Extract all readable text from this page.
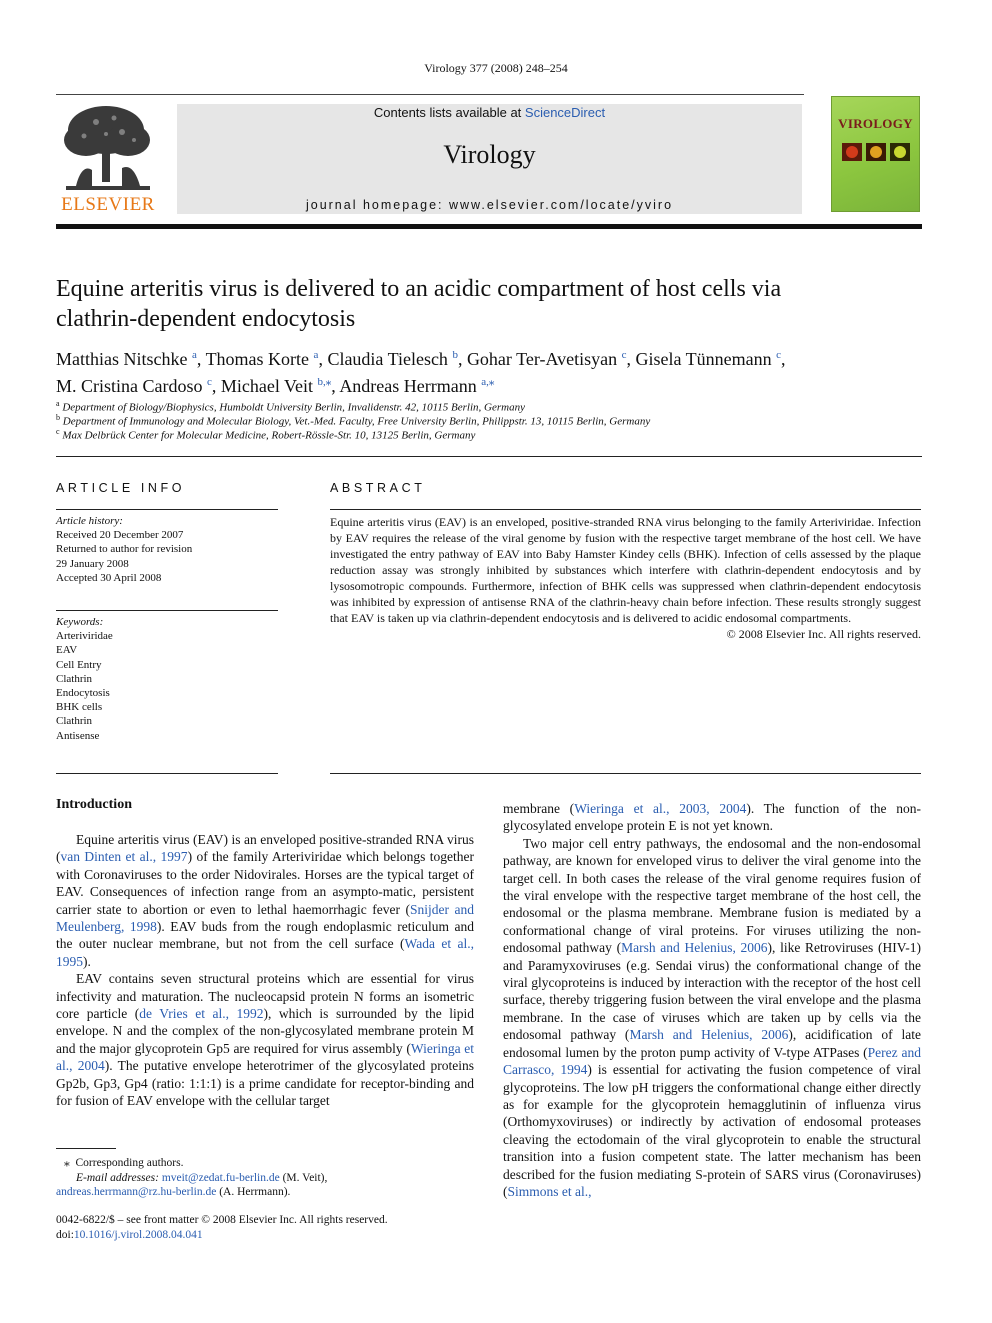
Virology 377 (2008) 248–254
ELSEVIER
Contents lists available at ScienceDirect
Virology
journal homepage: www.elsevier.com/locate/yviro
VIROLOGY
Equine arteritis virus is delivered to an acidic compartment of host cells via
clathrin-dependent endocytosis
Matthias Nitschke $^a$, Thomas Korte $^a$, Claudia Tielesch $^b$, Gohar Ter-Avetisyan $^c$, Gisela Tünnemann $^c$,
M. Cristina Cardoso $^c$, Michael Veit $^{b,⁎}$, Andreas Herrmann $^{a,⁎}$
$^a$ Department of Biology/Biophysics, Humboldt University Berlin, Invalidenstr. 42, 10115 Berlin, Germany
$^b$ Department of Immunology and Molecular Biology, Vet.-Med. Faculty, Free University Berlin, Philippstr. 13, 10115 Berlin, Germany
$^c$ Max Delbrück Center for Molecular Medicine, Robert-Rössle-Str. 10, 13125 Berlin, Germany
ARTICLE INFO
Article history:
Received 20 December 2007
Returned to author for revision
29 January 2008
Accepted 30 April 2008
Keywords:
Arteriviridae
EAV
Cell Entry
Clathrin
Endocytosis
BHK cells
Clathrin
Antisense
ABSTRACT
Equine arteritis virus (EAV) is an enveloped, positive-stranded RNA virus belonging to the family Arteriviridae. Infection by EAV requires the release of the viral genome by fusion with the respective target membrane of the host cell. We have investigated the entry pathway of EAV into Baby Hamster Kindey cells (BHK). Infection of cells assessed by the plaque reduction assay was strongly inhibited by substances which interfere with clathrin-dependent endocytosis and by lysosomotropic compounds. Furthermore, infection of BHK cells was suppressed when clathrin-dependent endocytosis was inhibited by expression of antisense RNA of the clathrin-heavy chain before infection. These results strongly suggest that EAV is taken up via clathrin-dependent endocytosis and is delivered to acidic endosomal compartments.
© 2008 Elsevier Inc. All rights reserved.
Introduction

Equine arteritis virus (EAV) is an enveloped positive-stranded RNA virus (van Dinten et al., 1997) of the family Arteriviridae which belongs together with Coronaviruses to the order Nidovirales. Horses are the typical target of EAV. Consequences of infection range from an asympto-matic, persistent carrier state to abortion or even to lethal haemorrhagic fever (Snijder and Meulenberg, 1998). EAV buds from the rough endoplasmic reticulum and the outer nuclear membrane, but not from the cell surface (Wada et al., 1995).

EAV contains seven structural proteins which are essential for virus infectivity and maturation. The nucleocapsid protein N forms an isometric core particle (de Vries et al., 1992), which is surrounded by the lipid envelope. N and the complex of the non-glycosylated membrane protein M and the major glycoprotein Gp5 are required for virus assembly (Wieringa et al., 2004). The putative envelope heterotrimer of the glycosylated proteins Gp2b, Gp3, Gp4 (ratio: 1:1:1) is a prime candidate for receptor-binding and for fusion of EAV envelope with the cellular target

membrane (Wieringa et al., 2003, 2004). The function of the non-glycosylated envelope protein E is not yet known.

Two major cell entry pathways, the endosomal and the non-endosomal pathway, are known for enveloped virus to deliver the viral genome into the target cell. In both cases the release of the viral genome requires fusion of the viral envelope with the respective target membrane of the host cell, the endosomal or the plasma membrane. Membrane fusion is mediated by a conformational change of viral proteins. For viruses utilizing the non-endosomal pathway (Marsh and Helenius, 2006), like Retroviruses (HIV-1) and Paramyxoviruses (e.g. Sendai virus) the conformational change of the viral glycoproteins is induced by interaction with the receptor of the host cell surface, thereby triggering fusion between the viral envelope and the plasma membrane. In the case of viruses which are taken up by cells via the endosomal pathway (Marsh and Helenius, 2006), acidification of late endosomal lumen by the proton pump activity of V-type ATPases (Perez and Carrasco, 1994) is essential for activating the fusion competence of viral glycoproteins. The low pH triggers the conformational change either directly as for example for the glycoprotein hemagglutinin of influenza virus (Orthomyxoviruses) or indirectly by activation of endosomal proteases cleaving the ectodomain of the viral glycoprotein to enable the structural transition into a fusion competent state. The latter mechanism has been described for the fusion mediating S-protein of SARS virus (Coronaviruses) (Simmons et al.,

⁎ Corresponding authors.
E-mail addresses: mveit@zedat.fu-berlin.de (M. Veit),
andreas.herrmann@rz.hu-berlin.de (A. Herrmann).
0042-6822/$ – see front matter © 2008 Elsevier Inc. All rights reserved.
doi:10.1016/j.virol.2008.04.041
